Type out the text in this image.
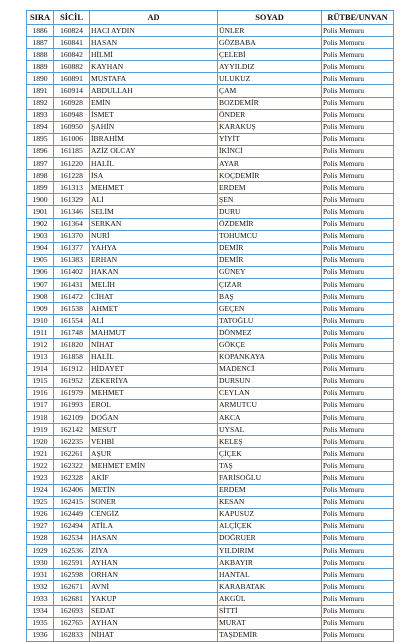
SIRA	SİCİL	AD	SOYAD	RÜTBE/UNVAN
1886	160824	HACI AYDIN	ÜNLER	Polis Memuru
1887	160841	HASAN	GÖZBABA	Polis Memuru
1888	160842	HİLMİ	ÇELEBİ	Polis Memuru
1889	160882	KAYHAN	AYYILDIZ	Polis Memuru
1890	160891	MUSTAFA	ULUKUZ	Polis Memuru
1891	160914	ABDULLAH	ÇAM	Polis Memuru
1892	160928	EMİN	BOZDEMİR	Polis Memuru
1893	160948	İSMET	ÖNDER	Polis Memuru
1894	160950	ŞAHİN	KARAKUŞ	Polis Memuru
1895	161006	İBRAHİM	YİYİT	Polis Memuru
1896	161185	AZİZ OLCAY	İKİNCİ	Polis Memuru
1897	161220	HALİL	AYAR	Polis Memuru
1898	161228	İSA	KOÇDEMİR	Polis Memuru
1899	161313	MEHMET	ERDEM	Polis Memuru
1900	161329	ALİ	ŞEN	Polis Memuru
1901	161346	SELİM	DURU	Polis Memuru
1902	161364	SERKAN	ÖZDEMİR	Polis Memuru
1903	161370	NURİ	TOHUMCU	Polis Memuru
1904	161377	YAHYA	DEMİR	Polis Memuru
1905	161383	ERHAN	DEMİR	Polis Memuru
1906	161402	HAKAN	GÜNEY	Polis Memuru
1907	161431	MELİH	ÇIZAR	Polis Memuru
1908	161472	CİHAT	BAŞ	Polis Memuru
1909	161538	AHMET	GEÇEN	Polis Memuru
1910	161554	ALİ	TATOĞLU	Polis Memuru
1911	161748	MAHMUT	DÖNMEZ	Polis Memuru
1912	161820	NİHAT	GÖKÇE	Polis Memuru
1913	161858	HALİL	KOPANKAYA	Polis Memuru
1914	161912	HİDAYET	MADENCİ	Polis Memuru
1915	161952	ZEKERİYA	DURSUN	Polis Memuru
1916	161979	MEHMET	CEYLAN	Polis Memuru
1917	161993	EROL	ARMUTCU	Polis Memuru
1918	162109	DOĞAN	AKCA	Polis Memuru
1919	162142	MESUT	UYSAL	Polis Memuru
1920	162235	VEHBİ	KELEŞ	Polis Memuru
1921	162261	AŞUR	ÇİÇEK	Polis Memuru
1922	162322	MEHMET EMİN	TAŞ	Polis Memuru
1923	162328	AKİF	FARİSOĞLU	Polis Memuru
1924	162406	METİN	ERDEM	Polis Memuru
1925	162415	SONER	KESAN	Polis Memuru
1926	162449	CENGİZ	KAPUSUZ	Polis Memuru
1927	162494	ATİLA	ALÇİÇEK	Polis Memuru
1928	162534	HASAN	DOĞRUER	Polis Memuru
1929	162536	ZİYA	YILDIRIM	Polis Memuru
1930	162591	AYHAN	AKBAYIR	Polis Memuru
1931	162598	ORHAN	HANTAL	Polis Memuru
1932	162671	AVNİ	KARABATAK	Polis Memuru
1933	162681	YAKUP	AKGÜL	Polis Memuru
1934	162693	SEDAT	SİTTİ	Polis Memuru
1935	162765	AYHAN	MURAT	Polis Memuru
1936	162833	NİHAT	TAŞDEMİR	Polis Memuru
